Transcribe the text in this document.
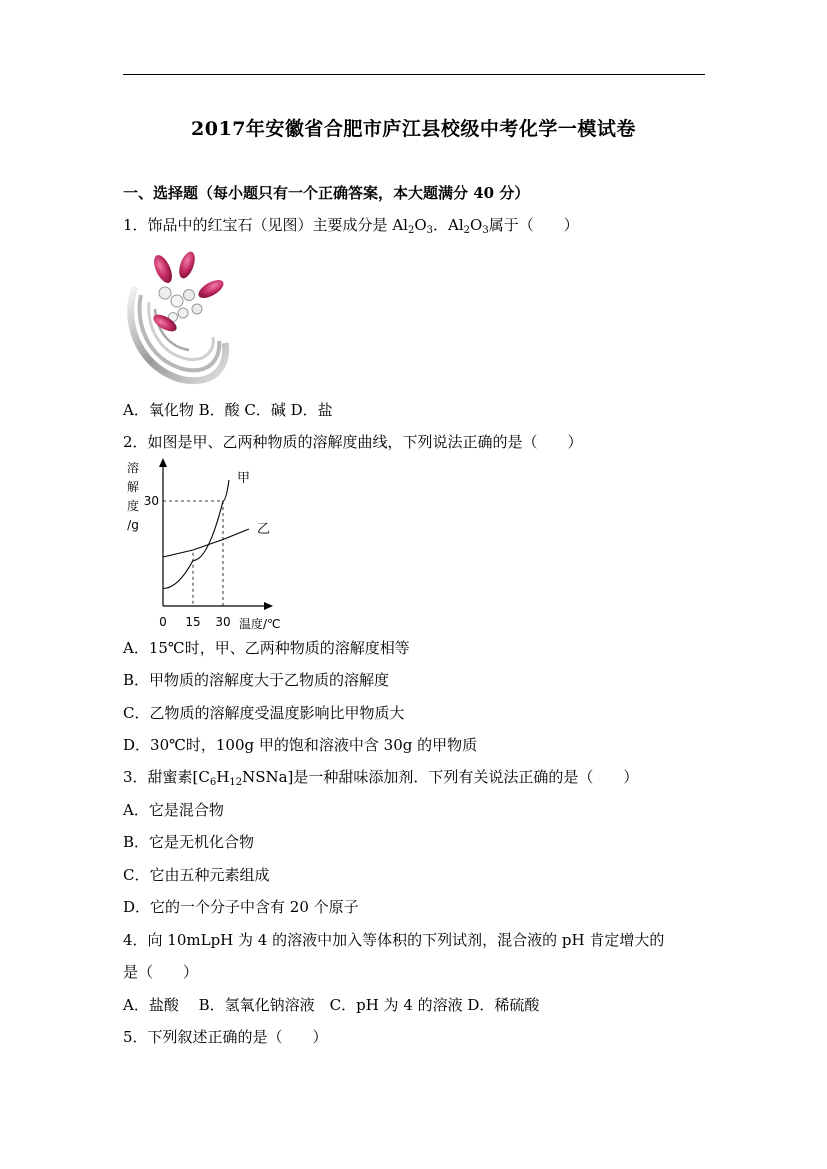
2017年安徽省合肥市庐江县校级中考化学一模试卷
一、选择题（每小题只有一个正确答案，本大题满分 40 分）
1．饰品中的红宝石（见图）主要成分是 $Al_2O_3$．$Al_2O_3$属于（　　）
A．氧化物 B．酸 C．碱 D．盐
2．如图是甲、乙两种物质的溶解度曲线，下列说法正确的是（　　）
溶
解
度
/g
甲
乙
0 15 30
30
温度/℃
A．15℃时，甲、乙两种物质的溶解度相等
B．甲物质的溶解度大于乙物质的溶解度
C．乙物质的溶解度受温度影响比甲物质大
D．30℃时，100g 甲的饱和溶液中含 30g 的甲物质
3．甜蜜素$[C_6H_{12}NSNa]$是一种甜味添加剂．下列有关说法正确的是（　　）
A．它是混合物
B．它是无机化合物
C．它由五种元素组成
D．它的一个分子中含有 20 个原子
4．向 10mLpH 为 4 的溶液中加入等体积的下列试剂，混合液的 pH 肯定增大的
是（　　）
A．盐酸　 B．氢氧化钠溶液　C．pH 为 4 的溶液 D．稀硫酸
5．下列叙述正确的是（　　）
